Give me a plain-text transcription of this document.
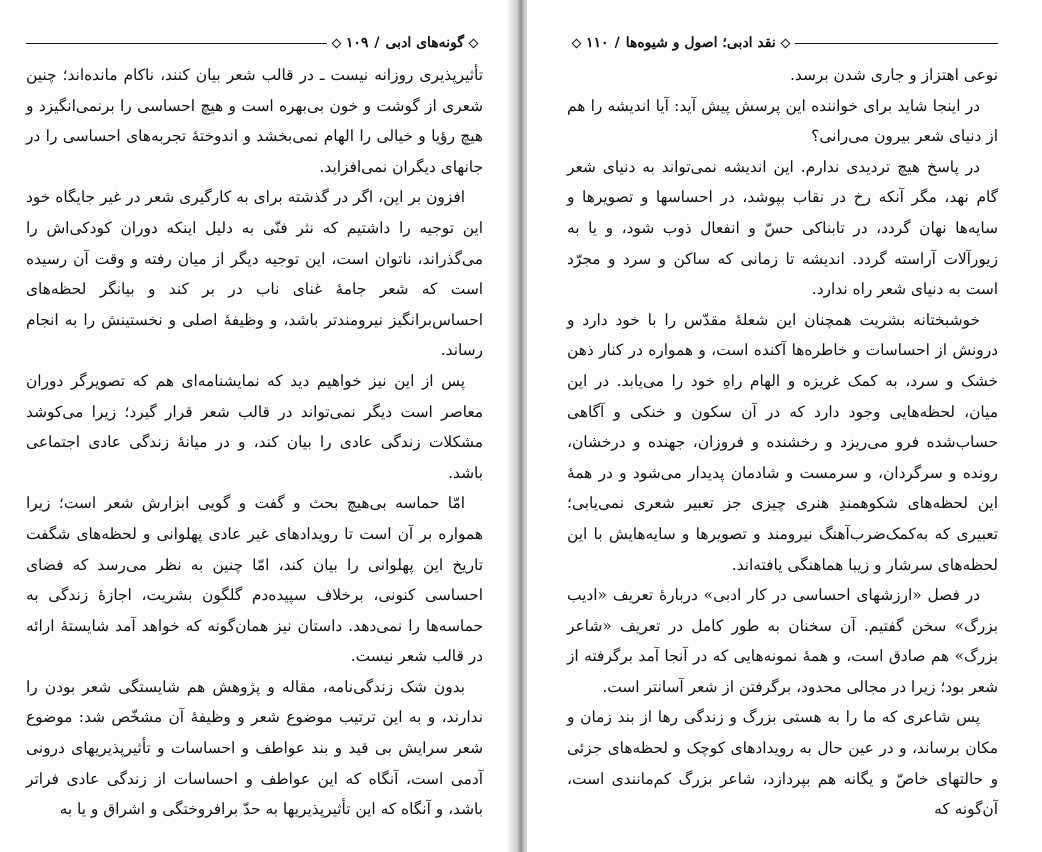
گونه‌های ادبی
/
۱۰۹

تأثیرپذیری روزانه نیست ـ در قالب شعر بیان کنند، ناکام مانده‌اند؛ چنین شعری از گوشت و خون بی‌بهره است و هیچ احساسی را برنمی‌انگیزد و هیچ رؤیا و خیالی را الهام نمی‌بخشد و اندوختهٔ تجربه‌های احساسی را در جانهای دیگران نمی‌افزاید.

افزون بر این، اگر در گذشته برای به کارگیری شعر در غیر جایگاه خود این توجیه را داشتیم که نثر فنّی به دلیل اینکه دوران کودکی‌اش را می‌گذراند، ناتوان است، این توجیه دیگر از میان رفته و وقت آن رسیده است که شعر جامهٔ غنای ناب در بر کند و بیانگر لحظه‌های احساس‌برانگیز نیرومندتر باشد، و وظیفهٔ اصلی و نخستینش را به انجام رساند.

پس از این نیز خواهیم دید که نمایشنامه‌ای هم که تصویرگر دوران معاصر است دیگر نمی‌تواند در قالب شعر قرار گیرد؛ زیرا می‌کوشد مشکلات زندگی عادی را بیان کند، و در میانهٔ زندگی عادی اجتماعی باشد.

امّا حماسه بی‌هیچ بحث و گفت و گویی ابزارش شعر است؛ زیرا همواره بر آن است تا رویدادهای غیر عادی پهلوانی و لحظه‌های شگفت تاریخ این پهلوانی را بیان کند، امّا چنین به نظر می‌رسد که فضای احساسی کنونی، برخلاف سپیده‌دم گلگون بشریت، اجازهٔ زندگی به حماسه‌ها را نمی‌دهد. داستان نیز همان‌گونه که خواهد آمد شایستهٔ ارائه در قالب شعر نیست.

بدون شک زندگی‌نامه، مقاله و پژوهش هم شایستگی شعر بودن را ندارند، و به این ترتیب موضوع شعر و وظیفهٔ آن مشخّص شد: موضوع شعر سرایش بی قید و بند عواطف و احساسات و تأثیرپذیریهای درونی آدمی است، آنگاه که این عواطف و احساسات از زندگی عادی فراتر باشد، و آنگاه که این تأثیرپذیریها به حدّ برافروختگی و اشراق و یا به

نقد ادبی؛ اصول و شیوه‌ها
/
۱۱۰

نوعی اهتزاز و جاری شدن برسد.

در اینجا شاید برای خواننده این پرسش پیش آید: آیا اندیشه را هم از دنیای شعر بیرون می‌رانی؟

در پاسخ هیچ تردیدی ندارم. این اندیشه نمی‌تواند به دنیای شعر گام نهد، مگر آنکه رخ در نقاب بپوشد، در احساسها و تصویرها و سایه‌ها نهان گردد، در تابناکی حسّ و انفعال ذوب شود، و یا به زیورآلات آراسته گردد. اندیشه تا زمانی که ساکن و سرد و مجرّد است به دنیای شعر راه ندارد.

خوشبختانه بشریت همچنان این شعلهٔ مقدّس را با خود دارد و درونش از احساسات و خاطره‌ها آکنده است، و همواره در کنار ذهن خشک و سرد، به کمک غریزه و الهام راهِ خود را می‌یابد. در این میان، لحظه‌هایی وجود دارد که در آن سکون و خنکی و آگاهی حساب‌شده فرو می‌ریزد و رخشنده و فروزان، جهنده و درخشان، رونده و سرگردان، و سرمست و شادمان پدیدار می‌شود و در همهٔ این لحظه‌های شکوهمندِ هنری چیزی جز تعبیر شعری نمی‌یابی؛ تعبیری که به‌کمک‌ضرب‌آهنگ نیرومند و تصویرها و سایه‌هایش با این لحظه‌های سرشار و زیبا هماهنگی یافته‌اند.

در فصل «ارزشهای احساسی در کار ادبی» دربارهٔ تعریف «ادیب بزرگ» سخن گفتیم. آن سخنان به طور کامل در تعریف «شاعر بزرگ» هم صادق است، و همهٔ نمونه‌هایی که در آنجا آمد برگرفته از شعر بود؛ زیرا در مجالی محدود، برگرفتن از شعر آسانتر است.

پس شاعری که ما را به هستی بزرگ و زندگی رها از بند زمان و مکان برساند، و در عین حال به رویدادهای کوچک و لحظه‌های جزئی و حالتهای خاصّ و یگانه هم بپردازد، شاعر بزرگ کم‌مانندی است، آن‌گونه که
